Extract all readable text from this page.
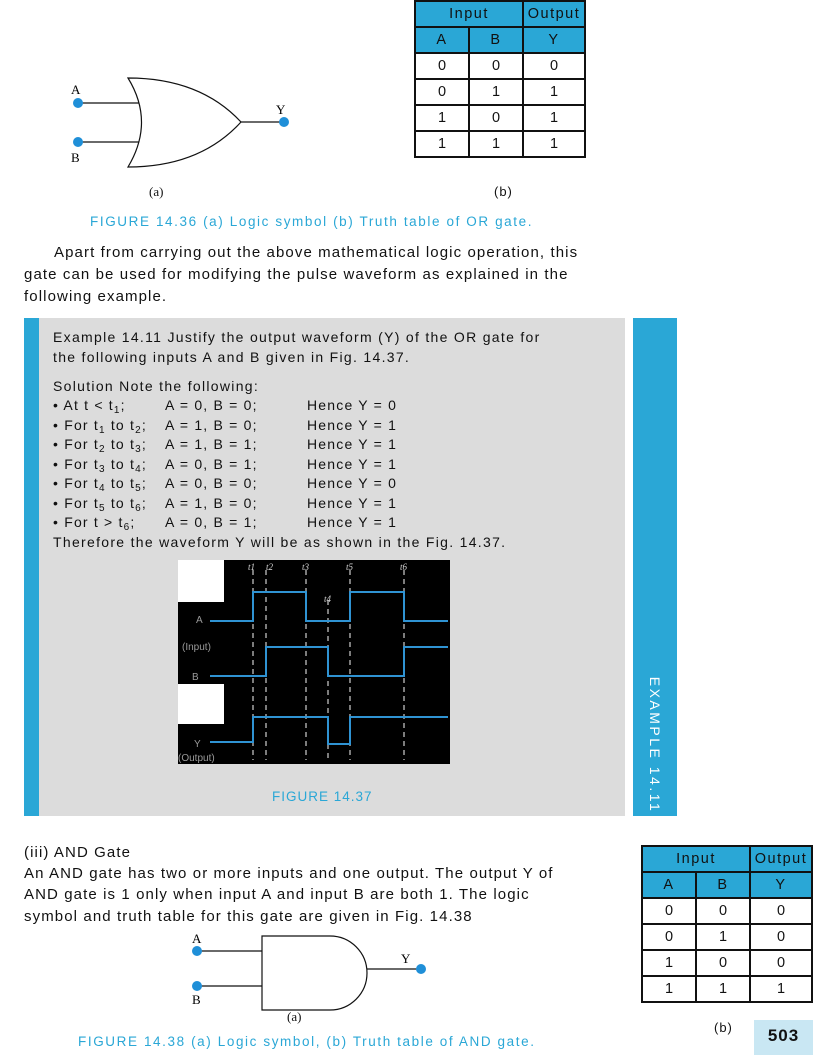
A
B
Y
(a)
Input		Output
A	B	Y
0	0	0
0	1	1
1	0	1
1	1	1
(b)
FIGURE 14.36 (a) Logic symbol (b) Truth table of OR gate.
Apart from carrying out the above mathematical logic operation, this
gate can be used for modifying the pulse waveform as explained in the
following example.
EXAMPLE 14.11
Example 14.11 Justify the output waveform (Y) of the OR gate for
the following inputs A and B given in Fig. 14.37.
Solution Note the following:
• At $t < t_1$;	A = 0, B = 0;	Hence Y = 0
• For $t_1$ to $t_2$; A = 1, B = 0;	Hence Y = 1
• For $t_2$ to $t_3$; A = 1, B = 1;	Hence Y = 1
• For $t_3$ to $t_4$; A = 0, B = 1;	Hence Y = 1
• For $t_4$ to $t_5$; A = 0, B = 0;	Hence Y = 0
• For $t_5$ to $t_6$; A = 1, B = 0;	Hence Y = 1
• For $t > t_6$; A = 0, B = 1;	Hence Y = 1
Therefore the waveform Y will be as shown in the Fig. 14.37.
t1 t2	t3
t4
t5	t6
A
(Input)
B
Y
(Output)
FIGURE 14.37
(iii) AND Gate
An AND gate has two or more inputs and one output. The output Y of
AND gate is 1 only when input A and input B are both 1. The logic
symbol and truth table for this gate are given in Fig. 14.38
A
B
Y
(a)
Input		Output
A	B	Y
0	0	0
0	1	0
1	0	0
1	1	1
(b)
FIGURE 14.38 (a) Logic symbol, (b) Truth table of AND gate.	503
